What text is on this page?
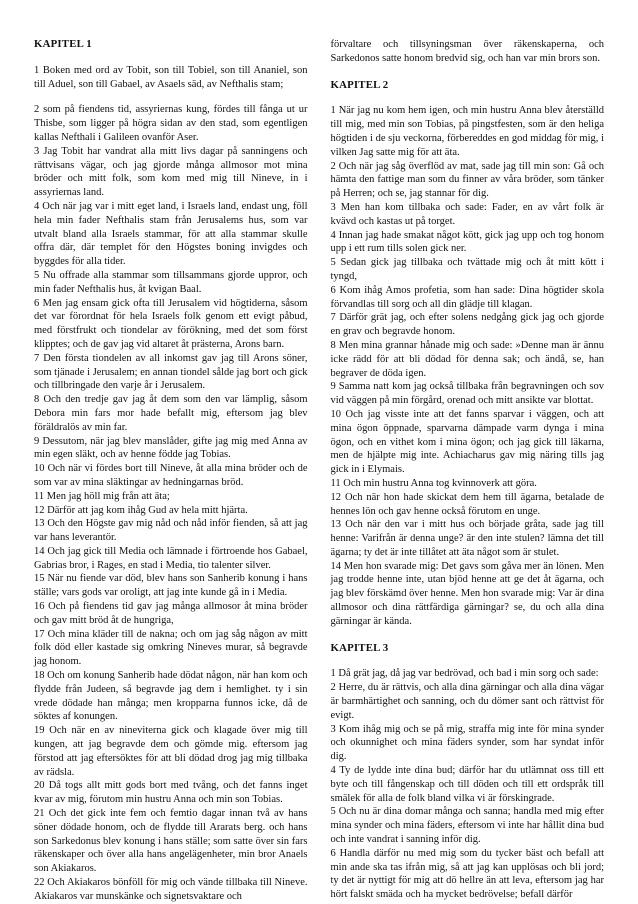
KAPITEL 1

1 Boken med ord av Tobit, son till Tobiel, son till Ananiel, son till Aduel, son till Gabael, av Asaels säd, av Nefthalis stam;

2 som på fiendens tid, assyriernas kung, fördes till fånga ut ur Thisbe, som ligger på högra sidan av den stad, som egentligen kallas Nefthali i Galileen ovanför Aser.

3 Jag Tobit har vandrat alla mitt livs dagar på sanningens och rättvisans vägar, och jag gjorde många allmosor mot mina bröder och mitt folk, som kom med mig till Nineve, in i assyriernas land.

4 Och när jag var i mitt eget land, i Israels land, endast ung, föll hela min fader Nefthalis stam från Jerusalems hus, som var utvalt bland alla Israels stammar, för att alla stammar skulle offra där, där templet för den Högstes boning invigdes och byggdes för alla tider.

5 Nu offrade alla stammar som tillsammans gjorde uppror, och min fader Nefthalis hus, åt kvigan Baal.

6 Men jag ensam gick ofta till Jerusalem vid högtiderna, såsom det var förordnat för hela Israels folk genom ett evigt påbud, med förstfrukt och tiondelar av förökning, med det som först klipptes; och de gav jag vid altaret åt prästerna, Arons barn.

7 Den första tiondelen av all inkomst gav jag till Arons söner, som tjänade i Jerusalem; en annan tiondel sålde jag bort och gick och tillbringade den varje år i Jerusalem.

8 Och den tredje gav jag åt dem som den var lämplig, såsom Debora min fars mor hade befallt mig, eftersom jag blev föräldralös av min far.

9 Dessutom, när jag blev manslåder, gifte jag mig med Anna av min egen släkt, och av henne födde jag Tobias.

10 Och när vi fördes bort till Nineve, åt alla mina bröder och de som var av mina släktingar av hedningarnas bröd.

11 Men jag höll mig från att äta;

12 Därför att jag kom ihåg Gud av hela mitt hjärta.

13 Och den Högste gav mig nåd och nåd inför fienden, så att jag var hans leverantör.

14 Och jag gick till Media och lämnade i förtroende hos Gabael, Gabrias bror, i Rages, en stad i Media, tio talenter silver.

15 När nu fiende var död, blev hans son Sanherib konung i hans ställe; vars gods var oroligt, att jag inte kunde gå in i Media.

16 Och på fiendens tid gav jag många allmosor åt mina bröder och gav mitt bröd åt de hungriga,

17 Och mina kläder till de nakna; och om jag såg någon av mitt folk död eller kastade sig omkring Nineves murar, så begravde jag honom.

18 Och om konung Sanherib hade dödat någon, när han kom och flydde från Judeen, så begravde jag dem i hemlighet. ty i sin vrede dödade han många; men kropparna funnos icke, då de söktes af konungen.

19 Och när en av nineviterna gick och klagade över mig till kungen, att jag begravde dem och gömde mig. eftersom jag förstod att jag eftersöktes för att bli dödad drog jag mig tillbaka av rädsla.

20 Då togs allt mitt gods bort med tvång, och det fanns inget kvar av mig, förutom min hustru Anna och min son Tobias.

21 Och det gick inte fem och femtio dagar innan två av hans söner dödade honom, och de flydde till Ararats berg. och hans son Sarkedonus blev konung i hans ställe; som satte över sin fars räkenskaper och över alla hans angelägenheter, min bror Anaels son Akiakaros.

22 Och Akiakaros bönföll för mig och vände tillbaka till Nineve. Akiakaros var munskänke och signetsvaktare och

förvaltare och tillsyningsman över räkenskaperna, och Sarkedonos satte honom bredvid sig, och han var min brors son.

KAPITEL 2

1 När jag nu kom hem igen, och min hustru Anna blev återställd till mig, med min son Tobias, på pingstfesten, som är den heliga högtiden i de sju veckorna, förbereddes en god middag för mig, i vilken Jag satte mig för att äta.

2 Och när jag såg överflöd av mat, sade jag till min son: Gå och hämta den fattige man som du finner av våra bröder, som tänker på Herren; och se, jag stannar för dig.

3 Men han kom tillbaka och sade: Fader, en av vårt folk är kvävd och kastas ut på torget.

4 Innan jag hade smakat något kött, gick jag upp och tog honom upp i ett rum tills solen gick ner.

5 Sedan gick jag tillbaka och tvättade mig och åt mitt kött i tyngd,

6 Kom ihåg Amos profetia, som han sade: Dina högtider skola förvandlas till sorg och all din glädje till klagan.

7 Därför grät jag, och efter solens nedgång gick jag och gjorde en grav och begravde honom.

8 Men mina grannar hånade mig och sade: »Denne man är ännu icke rädd för att bli dödad för denna sak; och ändå, se, han begraver de döda igen.

9 Samma natt kom jag också tillbaka från begravningen och sov vid väggen på min förgård, orenad och mitt ansikte var blottat.

10 Och jag visste inte att det fanns sparvar i väggen, och att mina ögon öppnade, sparvarna dämpade varm dynga i mina ögon, och en vithet kom i mina ögon; och jag gick till läkarna, men de hjälpte mig inte. Achiacharus gav mig näring tills jag gick in i Elymais.

11 Och min hustru Anna tog kvinnoverk att göra.

12 Och när hon hade skickat dem hem till ägarna, betalade de hennes lön och gav henne också förutom en unge.

13 Och när den var i mitt hus och började gråta, sade jag till henne: Varifrån är denna unge? är den inte stulen? lämna det till ägarna; ty det är inte tillåtet att äta något som är stulet.

14 Men hon svarade mig: Det gavs som gåva mer än lönen. Men jag trodde henne inte, utan bjöd henne att ge det åt ägarna, och jag blev förskämd över henne. Men hon svarade mig: Var är dina allmosor och dina rättfärdiga gärningar? se, du och alla dina gärningar är kända.

KAPITEL 3

1 Då grät jag, då jag var bedrövad, och bad i min sorg och sade:

2 Herre, du är rättvis, och alla dina gärningar och alla dina vägar är barmhärtighet och sanning, och du dömer sant och rättvist för evigt.

3 Kom ihåg mig och se på mig, straffa mig inte för mina synder och okunnighet och mina fäders synder, som har syndat inför dig.

4 Ty de lydde inte dina bud; därför har du utlämnat oss till ett byte och till fångenskap och till döden och till ett ordspråk till smälek för alla de folk bland vilka vi är förskingrade.

5 Och nu är dina domar många och sanna; handla med mig efter mina synder och mina fäders, eftersom vi inte har hållit dina bud och inte vandrat i sanning inför dig.

6 Handla därför nu med mig som du tycker bäst och befall att min ande ska tas ifrån mig, så att jag kan upplösas och bli jord; ty det är nyttigt för mig att dö hellre än att leva, eftersom jag har hört falskt smäda och ha mycket bedrövelse; befall därför
